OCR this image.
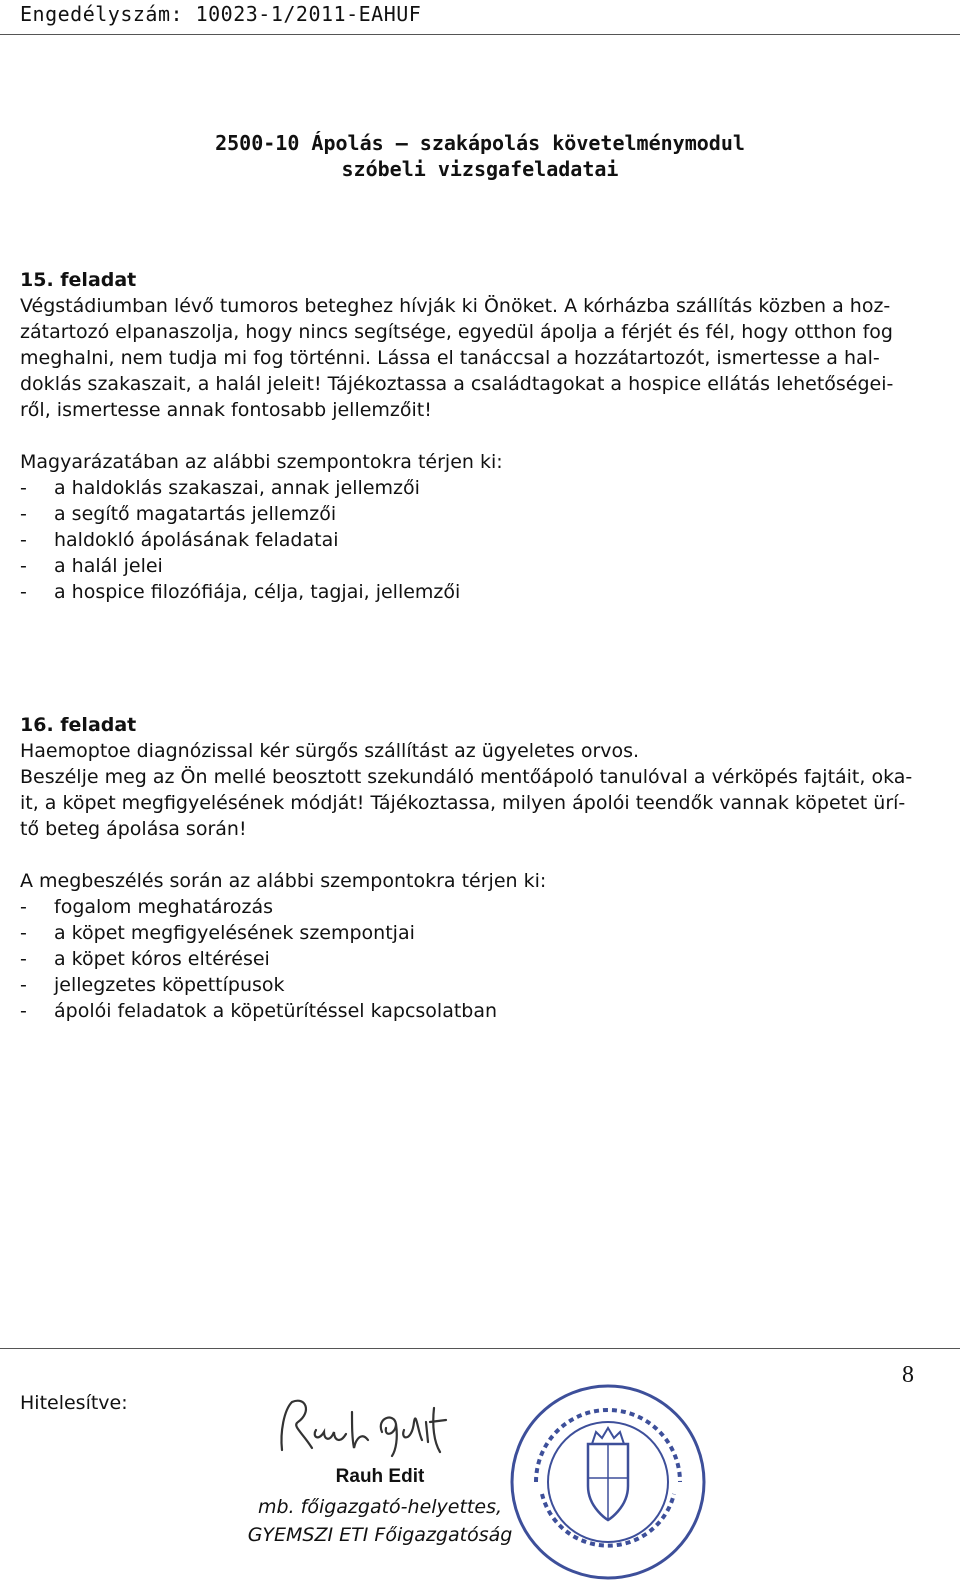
Engedélyszám: 10023-1/2011-EAHUF
2500-10 Ápolás – szakápolás követelménymodul
szóbeli vizsgafeladatai
15. feladat
Végstádiumban lévő tumoros beteghez hívják ki Önöket. A kórházba szállítás közben a hoz-
zátartozó elpanaszolja, hogy nincs segítsége, egyedül ápolja a férjét és fél, hogy otthon fog
meghalni, nem tudja mi fog történni. Lássa el tanáccsal a hozzátartozót, ismertesse a hal-
doklás szakaszait, a halál jeleit! Tájékoztassa a családtagokat a hospice ellátás lehetőségei-
ről, ismertesse annak fontosabb jellemzőit!
Magyarázatában az alábbi szempontokra térjen ki:
- a haldoklás szakaszai, annak jellemzői
- a segítő magatartás jellemzői
- haldokló ápolásának feladatai
- a halál jelei
- a hospice filozófiája, célja, tagjai, jellemzői
16. feladat
Haemoptoe diagnózissal kér sürgős szállítást az ügyeletes orvos.
Beszélje meg az Ön mellé beosztott szekundáló mentőápoló tanulóval a vérköpés fajtáit, oka-
it, a köpet megfigyelésének módját! Tájékoztassa, milyen ápolói teendők vannak köpetet ürí-
tő beteg ápolása során!
A megbeszélés során az alábbi szempontokra térjen ki:
- fogalom meghatározás
- a köpet megfigyelésének szempontjai
- a köpet kóros eltérései
- jellegzetes köpettípusok
- ápolói feladatok a köpetürítéssel kapcsolatban
Hitelesítve:
8
Rauh Edit
mb. főigazgató-helyettes,
GYEMSZI ETI Főigazgatóság
